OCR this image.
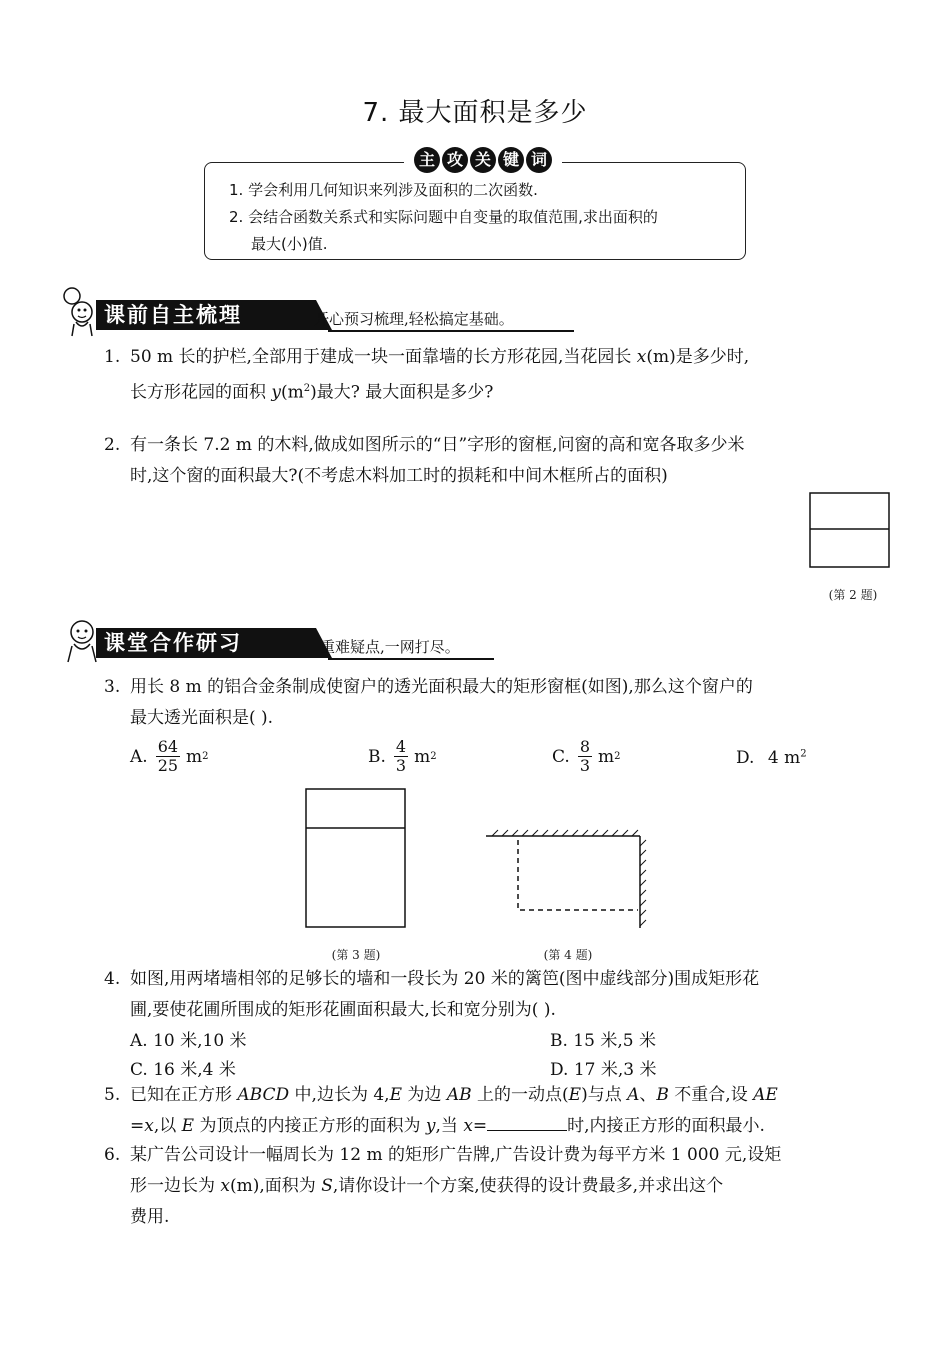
7. 最大面积是多少
1. 学会利用几何知识来列涉及面积的二次函数.
2. 会结合函数关系式和实际问题中自变量的取值范围,求出面积的
最大(小)值.
主 攻 关 键 词
课前自主梳理	开心预习梳理,轻松搞定基础。
1. 50 m 长的护栏,全部用于建成一块一面靠墙的长方形花园,当花园长 x(m)是多少时,
长方形花园的面积 $y(m^2)$最大? 最大面积是多少?
2. 有一条长 7.2 m 的木料,做成如图所示的“日”字形的窗框,问窗的高和宽各取多少米
时,这个窗的面积最大?(不考虑木料加工时的损耗和中间木框所占的面积)
(第 2 题)
课堂合作研习	重难疑点,一网打尽。
3. 用长 8 m 的铝合金条制成使窗户的透光面积最大的矩形窗框(如图),那么这个窗户的
最大透光面积是( ).
A. $\frac{64}{25}$ m 2	B. $\frac{4}{3}$ m 2	C. $\frac{8}{3}$ m 2	D. 4 $m^2$
(第 3 题)	(第 4 题)
4. 如图,用两堵墙相邻的足够长的墙和一段长为 20 米的篱笆(图中虚线部分)围成矩形花
圃,要使花圃所围成的矩形花圃面积最大,长和宽分别为( ).
A. 10 米,10 米	B. 15 米,5 米
C. 16 米,4 米	D. 17 米,3 米
5. 已知在正方形 ABCD 中,边长为 4,E 为边 AB 上的一动点(E)与点 A、B 不重合,设 AE
=x,以 E 为顶点的内接正方形的面积为 y,当 x=	时,内接正方形的面积最小.
6. 某广告公司设计一幅周长为 12 m 的矩形广告牌,广告设计费为每平方米 1 000 元,设矩
形一边长为 x(m),面积为 S,请你设计一个方案,使获得的设计费最多,并求出这个
费用.
